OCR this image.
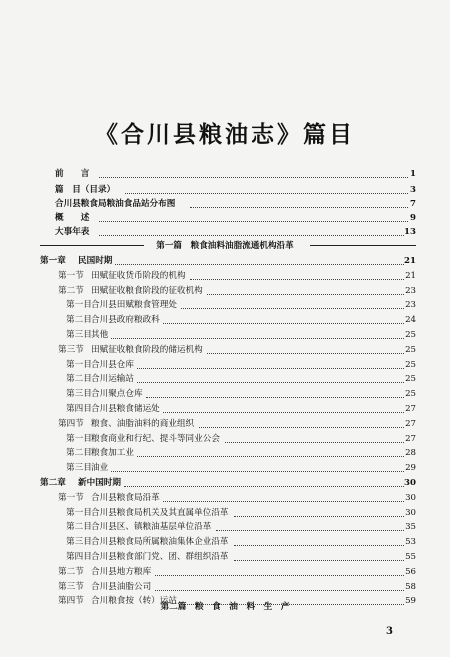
《合川县粮油志》篇目
前　　言	1
篇　目（目录）	3
合川县粮食局粮油食品站分布图	7
概　　述	9
大事年表	13
第一篇　粮食油料油脂流通机构沿革
第一章 民国时期	21
第一节 田赋征收货币阶段的机构	21
第二节 田赋征收粮食阶段的征收机构	23
第一目 合川县田赋粮食管理处	23
第二目 合川县政府粮政科	24
第三目 其他	25
第三节 田赋征收粮食阶段的储运机构	25
第一目 合川县仓库	25
第二目 合川运输站	25
第三目 合川聚点仓库	25
第四目 合川县粮食储运处	27
第四节 粮食、油脂油料的商业组织	27
第一目 粮食商业和行纪、提斗等同业公会	27
第二目 粮食加工业	28
第三目 油业	29
第二章 新中国时期	30
第一节 合川县粮食局沿革	30
第一目 合川县粮食局机关及其直属单位沿革	30
第二目 合川县区、镇粮油基层单位沿革	35
第三目 合川县粮食局所属粮油集体企业沿革	53
第四目 合川县粮食部门党、团、群组织沿革	55
第二节 合川县地方粮库	56
第三节 合川县油脂公司	58
第四节 合川粮食按（转）运站	59
第二篇　粮　食　油　料　生　产
3
